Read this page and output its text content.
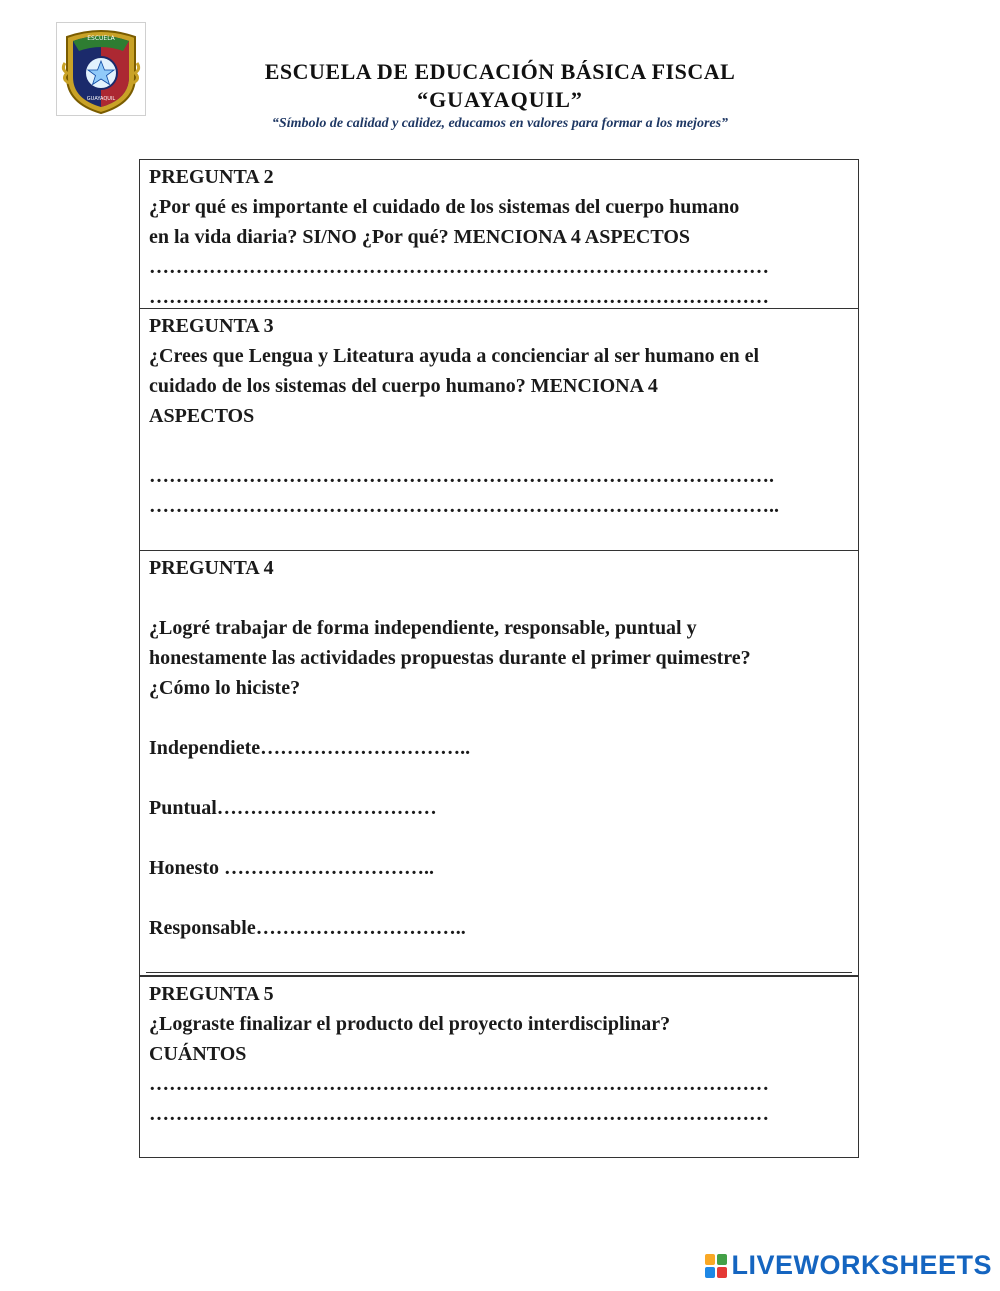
ESCUELA
GUAYAQUIL
ESCUELA DE EDUCACIÓN BÁSICA FISCAL
“GUAYAQUIL”
“Símbolo de calidad y calidez, educamos en valores para formar a los mejores”
PREGUNTA 2
¿Por qué es importante el cuidado de los sistemas del cuerpo humano
en la vida diaria? SI/NO ¿Por qué? MENCIONA 4 ASPECTOS
…………………………………………………………………………………
…………………………………………………………………………………
PREGUNTA 3
¿Crees que Lengua y Liteatura ayuda a concienciar al ser humano en el
cuidado de los sistemas del cuerpo humano? MENCIONA 4
ASPECTOS
………………………………………………………………………………….
…………………………………………………………………………………..
PREGUNTA 4
¿Logré trabajar de forma independiente, responsable, puntual y
honestamente las actividades propuestas durante el primer quimestre?
¿Cómo lo hiciste?
Independiete…………………………..
Puntual……………………………
Honesto …………………………..
Responsable…………………………..
PREGUNTA 5
¿Lograste finalizar el producto del proyecto interdisciplinar?
CUÁNTOS
…………………………………………………………………………………
…………………………………………………………………………………
LIVEWORKSHEETS
